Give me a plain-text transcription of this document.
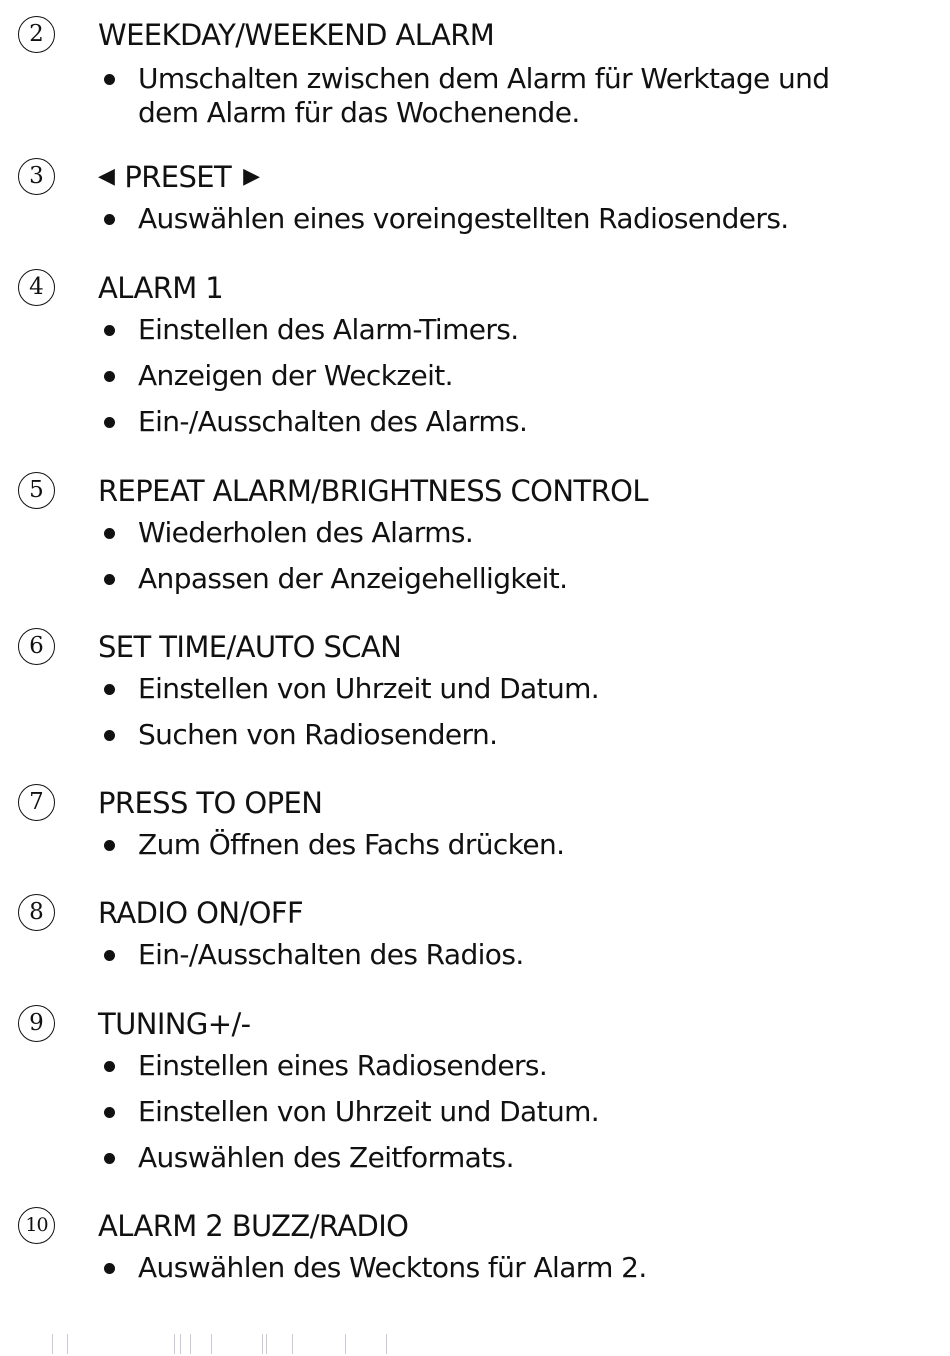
2	WEEKDAY/WEEKEND ALARM
Umschalten zwischen dem Alarm für Werktage und dem Alarm für das Wochenende.
3	◀ PRESET ▶
Auswählen eines voreingestellten Radiosenders.
4	ALARM 1
Einstellen des Alarm-Timers.
Anzeigen der Weckzeit.
Ein-/Ausschalten des Alarms.
5	REPEAT ALARM/BRIGHTNESS CONTROL
Wiederholen des Alarms.
Anpassen der Anzeigehelligkeit.
6	SET TIME/AUTO SCAN
Einstellen von Uhrzeit und Datum.
Suchen von Radiosendern.
7	PRESS TO OPEN
Zum Öffnen des Fachs drücken.
8	RADIO ON/OFF
Ein-/Ausschalten des Radios.
9	TUNING+/-
Einstellen eines Radiosenders.
Einstellen von Uhrzeit und Datum.
Auswählen des Zeitformats.
10 ALARM 2 BUZZ/RADIO
Auswählen des Wecktons für Alarm 2.
